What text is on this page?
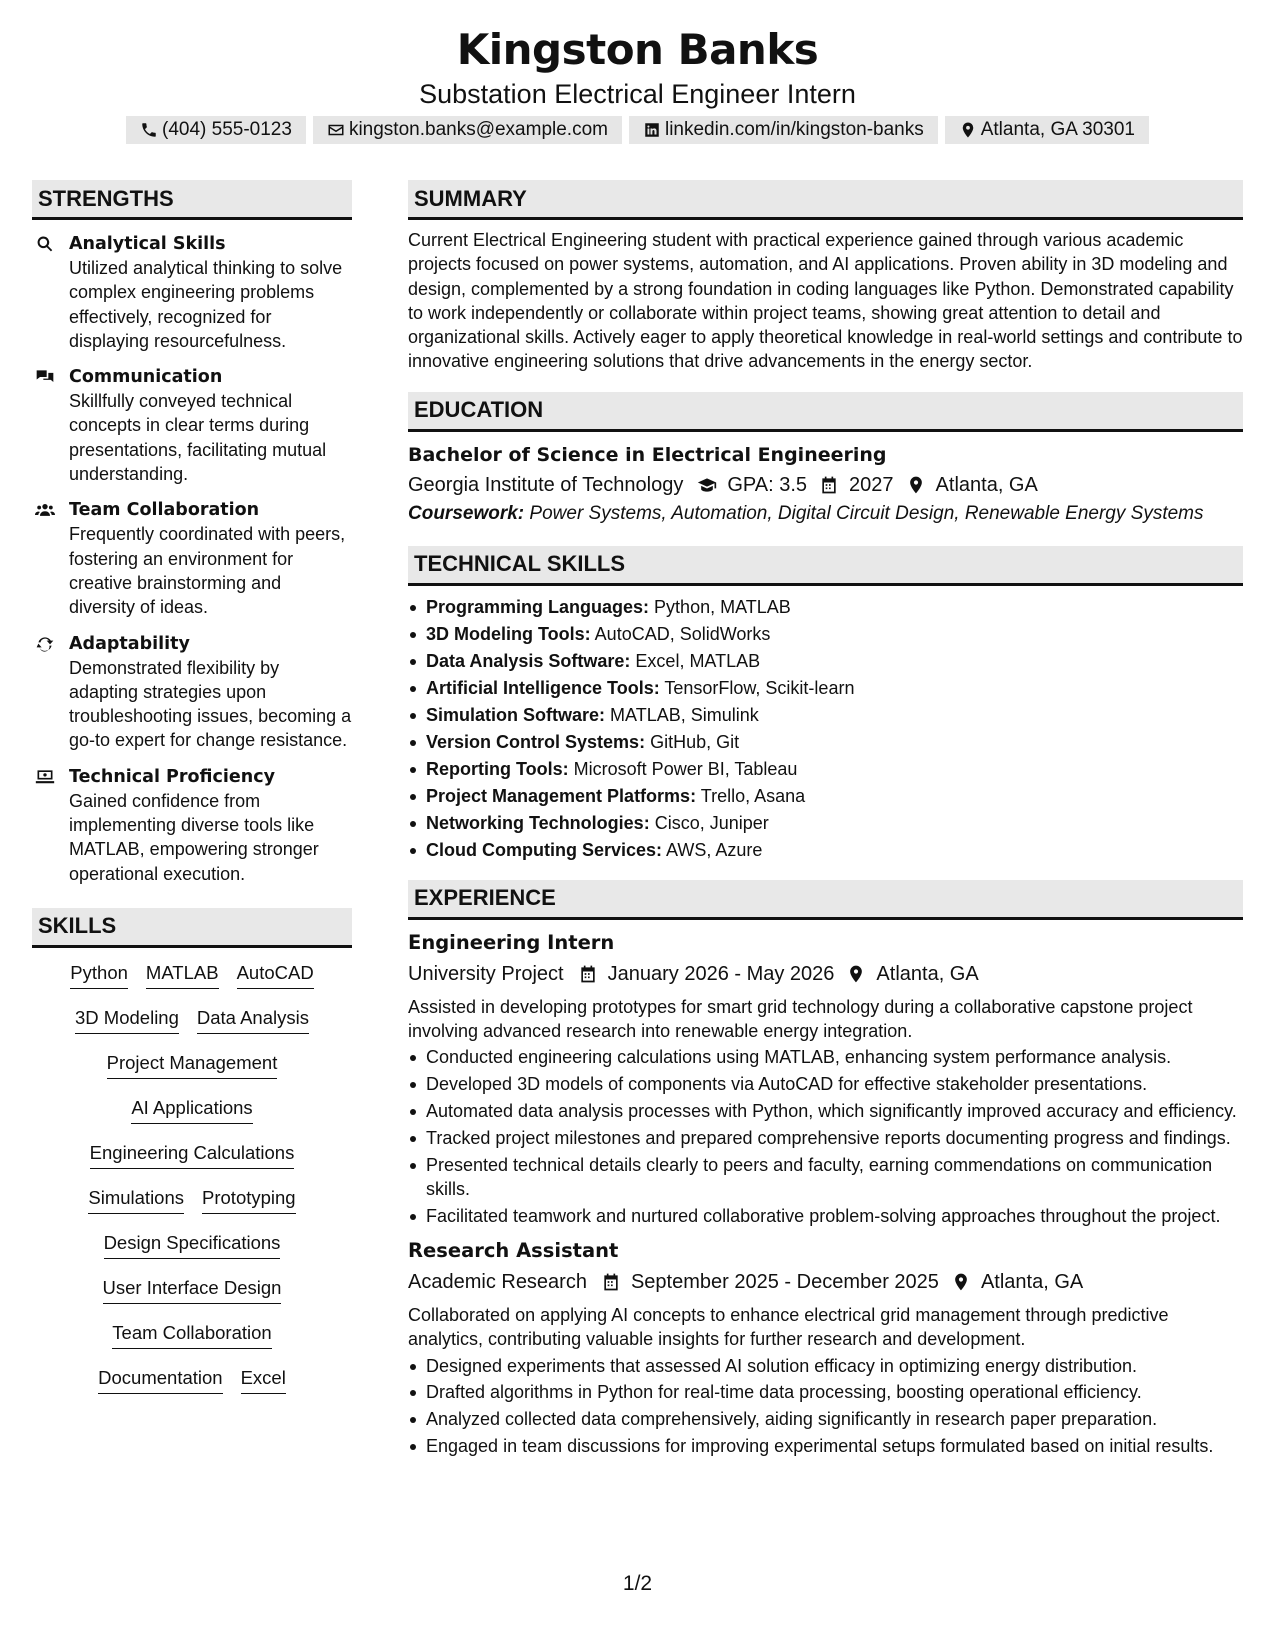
Kingston Banks
Substation Electrical Engineer Intern
(404) 555-0123	kingston.banks@example.com	linkedin.com/in/kingston-banks	Atlanta, GA 30301
STRENGTHS
Analytical Skills
Utilized analytical thinking to solve complex engineering problems effectively, recognized for displaying resourcefulness.
Communication
Skillfully conveyed technical concepts in clear terms during presentations, facilitating mutual understanding.
Team Collaboration
Frequently coordinated with peers, fostering an environment for creative brainstorming and diversity of ideas.
Adaptability
Demonstrated flexibility by adapting strategies upon troubleshooting issues, becoming a go-to expert for change resistance.
Technical Proficiency
Gained confidence from implementing diverse tools like MATLAB, empowering stronger operational execution.
SKILLS
Python MATLAB AutoCAD
3D Modeling Data Analysis
Project Management
AI Applications
Engineering Calculations
Simulations Prototyping
Design Specifications
User Interface Design
Team Collaboration
Documentation Excel
SUMMARY
Current Electrical Engineering student with practical experience gained through various academic projects focused on power systems, automation, and AI applications. Proven ability in 3D modeling and design, complemented by a strong foundation in coding languages like Python. Demonstrated capability to work independently or collaborate within project teams, showing great attention to detail and organizational skills. Actively eager to apply theoretical knowledge in real-world settings and contribute to innovative engineering solutions that drive advancements in the energy sector.
EDUCATION
Bachelor of Science in Electrical Engineering
Georgia Institute of Technology GPA: 3.5 2027 Atlanta, GA
Coursework: Power Systems, Automation, Digital Circuit Design, Renewable Energy Systems
TECHNICAL SKILLS
Programming Languages: Python, MATLAB
3D Modeling Tools: AutoCAD, SolidWorks
Data Analysis Software: Excel, MATLAB
Artificial Intelligence Tools: TensorFlow, Scikit-learn
Simulation Software: MATLAB, Simulink
Version Control Systems: GitHub, Git
Reporting Tools: Microsoft Power BI, Tableau
Project Management Platforms: Trello, Asana
Networking Technologies: Cisco, Juniper
Cloud Computing Services: AWS, Azure
EXPERIENCE
Engineering Intern
University Project January 2026 - May 2026 Atlanta, GA
Assisted in developing prototypes for smart grid technology during a collaborative capstone project involving advanced research into renewable energy integration.
Conducted engineering calculations using MATLAB, enhancing system performance analysis.
Developed 3D models of components via AutoCAD for effective stakeholder presentations.
Automated data analysis processes with Python, which significantly improved accuracy and efficiency.
Tracked project milestones and prepared comprehensive reports documenting progress and findings.
Presented technical details clearly to peers and faculty, earning commendations on communication skills.
Facilitated teamwork and nurtured collaborative problem-solving approaches throughout the project.
Research Assistant
Academic Research September 2025 - December 2025 Atlanta, GA
Collaborated on applying AI concepts to enhance electrical grid management through predictive analytics, contributing valuable insights for further research and development.
Designed experiments that assessed AI solution efficacy in optimizing energy distribution.
Drafted algorithms in Python for real-time data processing, boosting operational efficiency.
Analyzed collected data comprehensively, aiding significantly in research paper preparation.
Engaged in team discussions for improving experimental setups formulated based on initial results.
1/2
